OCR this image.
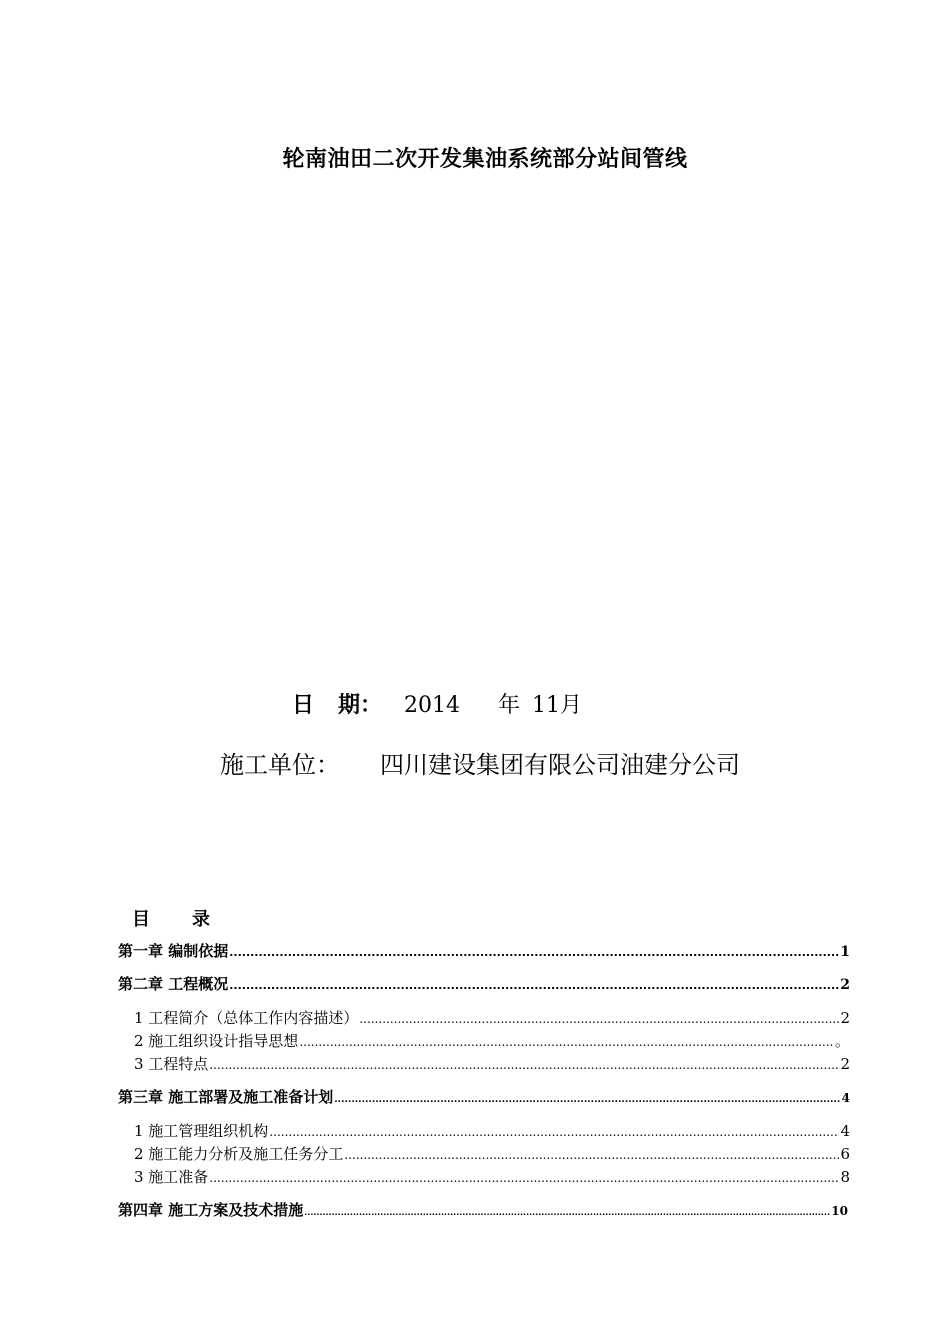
轮南油田二次开发集油系统部分站间管线
日 期： 2014 年 11月
施工单位： 四川建设集团有限公司油建分公司
目 录
第一章 编制依据 .....	1
第二章 工程概况 .....	2
1 工程简介（总体工作内容描述） .....	2
2 施工组织设计指导思想 .....	。
3 工程特点 .....	2
第三章 施工部署及施工准备计划 .....	4
1 施工管理组织机构 .....	4
2 施工能力分析及施工任务分工 .....	6
3 施工准备 .....	8
第四章 施工方案及技术措施 .....	10
